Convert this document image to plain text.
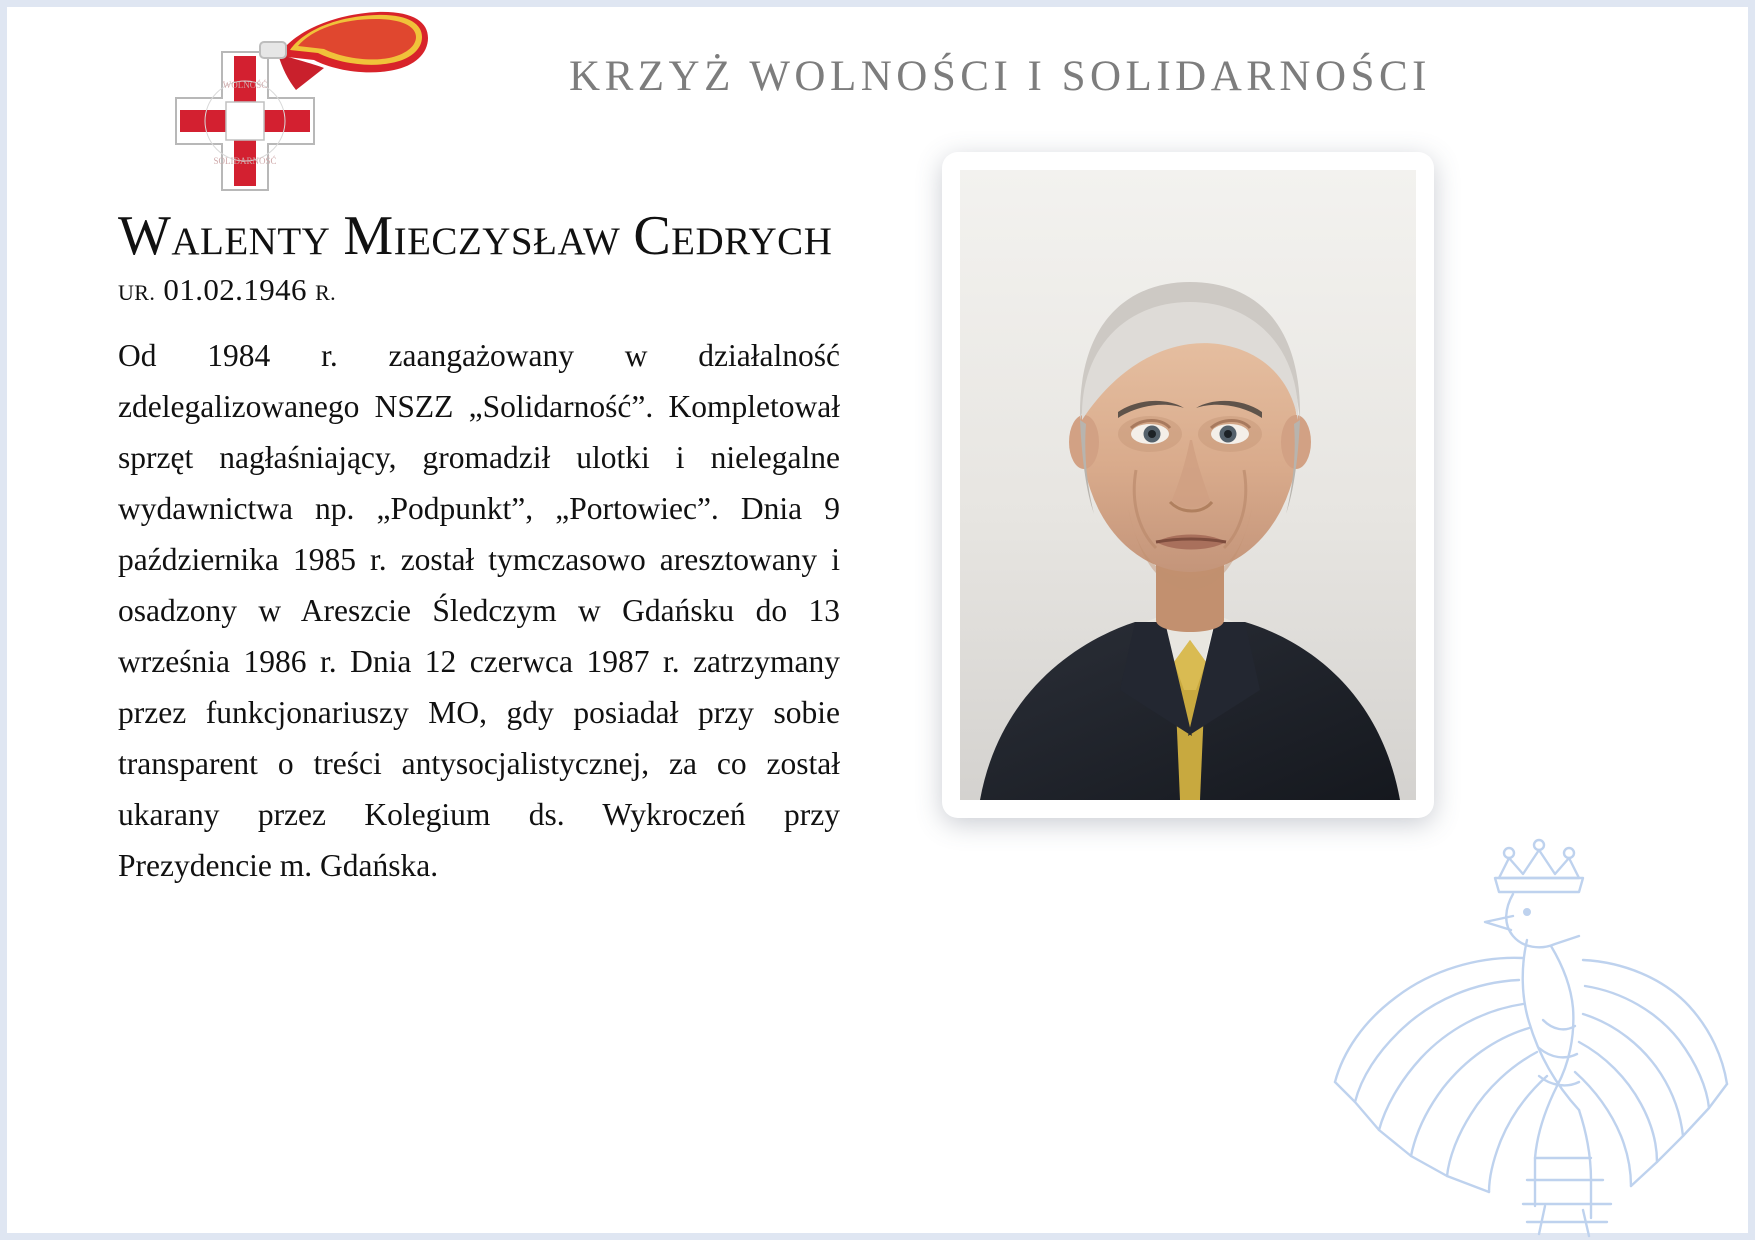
WOLNOŚĆ
SOLIDARNOŚĆ
KRZYŻ WOLNOŚCI I SOLIDARNOŚCI
WALENTY MIECZYSŁAW CEDRYCH
UR. 01.02.1946 R.
Od 1984 r. zaangażowany w działalność zdelegalizowanego NSZZ „Solidarność”. Kompletował sprzęt nagłaśniający, gromadził ulotki i nielegalne wydawnictwa np. „Podpunkt”, „Portowiec”. Dnia 9 października 1985 r. został tymczasowo aresztowany i osadzony w Areszcie Śledczym w Gdańsku do 13 września 1986 r. Dnia 12 czerwca 1987 r. zatrzymany przez funkcjonariuszy MO, gdy posiadał przy sobie transparent o treści antysocjalistycznej, za co został ukarany przez Kolegium ds. Wykroczeń przy Prezydencie m. Gdańska.
